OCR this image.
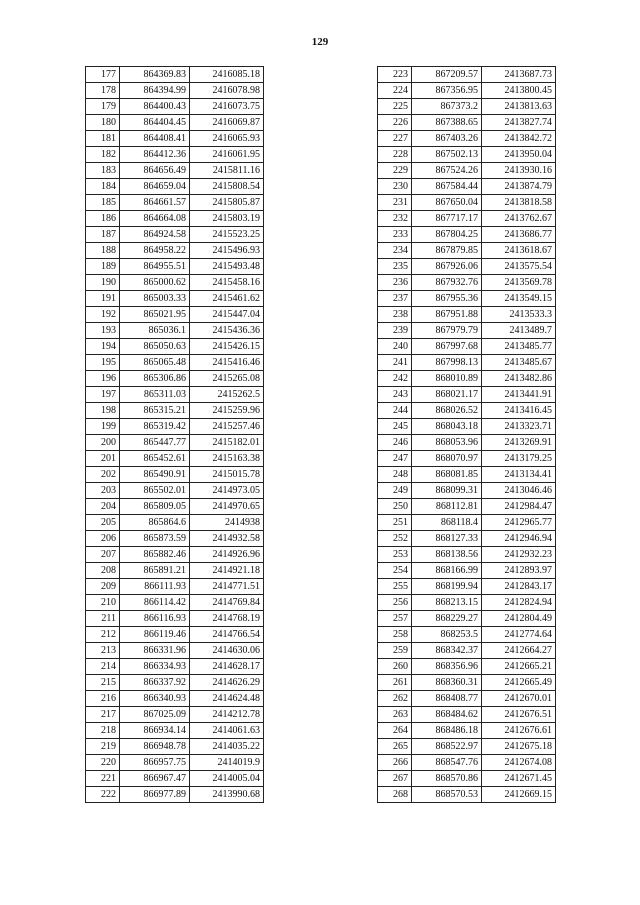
129
177	864369.83	2416085.18
178	864394.99	2416078.98
179	864400.43	2416073.75
180	864404.45	2416069.87
181	864408.41	2416065.93
182	864412.36	2416061.95
183	864656.49	2415811.16
184	864659.04	2415808.54
185	864661.57	2415805.87
186	864664.08	2415803.19
187	864924.58	2415523.25
188	864958.22	2415496.93
189	864955.51	2415493.48
190	865000.62	2415458.16
191	865003.33	2415461.62
192	865021.95	2415447.04
193	865036.1	2415436.36
194	865050.63	2415426.15
195	865065.48	2415416.46
196	865306.86	2415265.08
197	865311.03	2415262.5
198	865315.21	2415259.96
199	865319.42	2415257.46
200	865447.77	2415182.01
201	865452.61	2415163.38
202	865490.91	2415015.78
203	865502.01	2414973.05
204	865809.05	2414970.65
205	865864.6	2414938
206	865873.59	2414932.58
207	865882.46	2414926.96
208	865891.21	2414921.18
209	866111.93	2414771.51
210	866114.42	2414769.84
211	866116.93	2414768.19
212	866119.46	2414766.54
213	866331.96	2414630.06
214	866334.93	2414628.17
215	866337.92	2414626.29
216	866340.93	2414624.48
217	867025.09	2414212.78
218	866934.14	2414061.63
219	866948.78	2414035.22
220	866957.75	2414019.9
221	866967.47	2414005.04
222	866977.89	2413990.68
223	867209.57	2413687.73
224	867356.95	2413800.45
225	867373.2	2413813.63
226	867388.65	2413827.74
227	867403.26	2413842.72
228	867502.13	2413950.04
229	867524.26	2413930.16
230	867584.44	2413874.79
231	867650.04	2413818.58
232	867717.17	2413762.67
233	867804.25	2413686.77
234	867879.85	2413618.67
235	867926.06	2413575.54
236	867932.76	2413569.78
237	867955.36	2413549.15
238	867951.88	2413533.3
239	867979.79	2413489.7
240	867997.68	2413485.77
241	867998.13	2413485.67
242	868010.89	2413482.86
243	868021.17	2413441.91
244	868026.52	2413416.45
245	868043.18	2413323.71
246	868053.96	2413269.91
247	868070.97	2413179.25
248	868081.85	2413134.41
249	868099.31	2413046.46
250	868112.81	2412984.47
251	868118.4	2412965.77
252	868127.33	2412946.94
253	868138.56	2412932.23
254	868166.99	2412893.97
255	868199.94	2412843.17
256	868213.15	2412824.94
257	868229.27	2412804.49
258	868253.5	2412774.64
259	868342.37	2412664.27
260	868356.96	2412665.21
261	868360.31	2412665.49
262	868408.77	2412670.01
263	868484.62	2412676.51
264	868486.18	2412676.61
265	868522.97	2412675.18
266	868547.76	2412674.08
267	868570.86	2412671.45
268	868570.53	2412669.15
